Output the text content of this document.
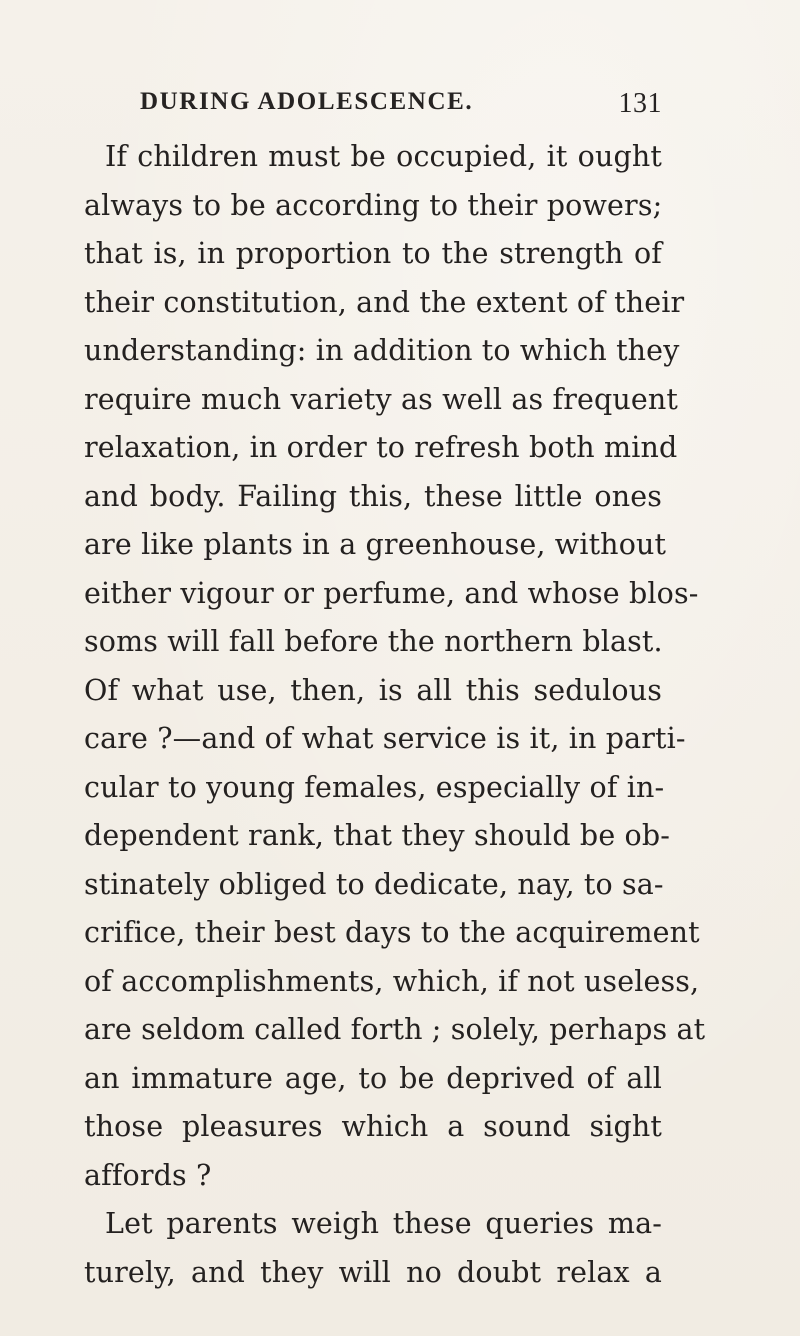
DURING ADOLESCENCE.	131
If children must be occupied, it ought
always to be according to their powers;
that is, in proportion to the strength of
their constitution, and the extent of their
understanding: in addition to which they
require much variety as well as frequent
relaxation, in order to refresh both mind
and body. Failing this, these little ones
are like plants in a greenhouse, without
either vigour or perfume, and whose blos-
soms will fall before the northern blast.
Of what use, then, is all this sedulous
care ?—and of what service is it, in parti-
cular to young females, especially of in-
dependent rank, that they should be ob-
stinately obliged to dedicate, nay, to sa-
crifice, their best days to the acquirement
of accomplishments, which, if not useless,
are seldom called forth ; solely, perhaps at
an immature age, to be deprived of all
those pleasures which a sound sight
affords ?
Let parents weigh these queries ma-
turely, and they will no doubt relax a
